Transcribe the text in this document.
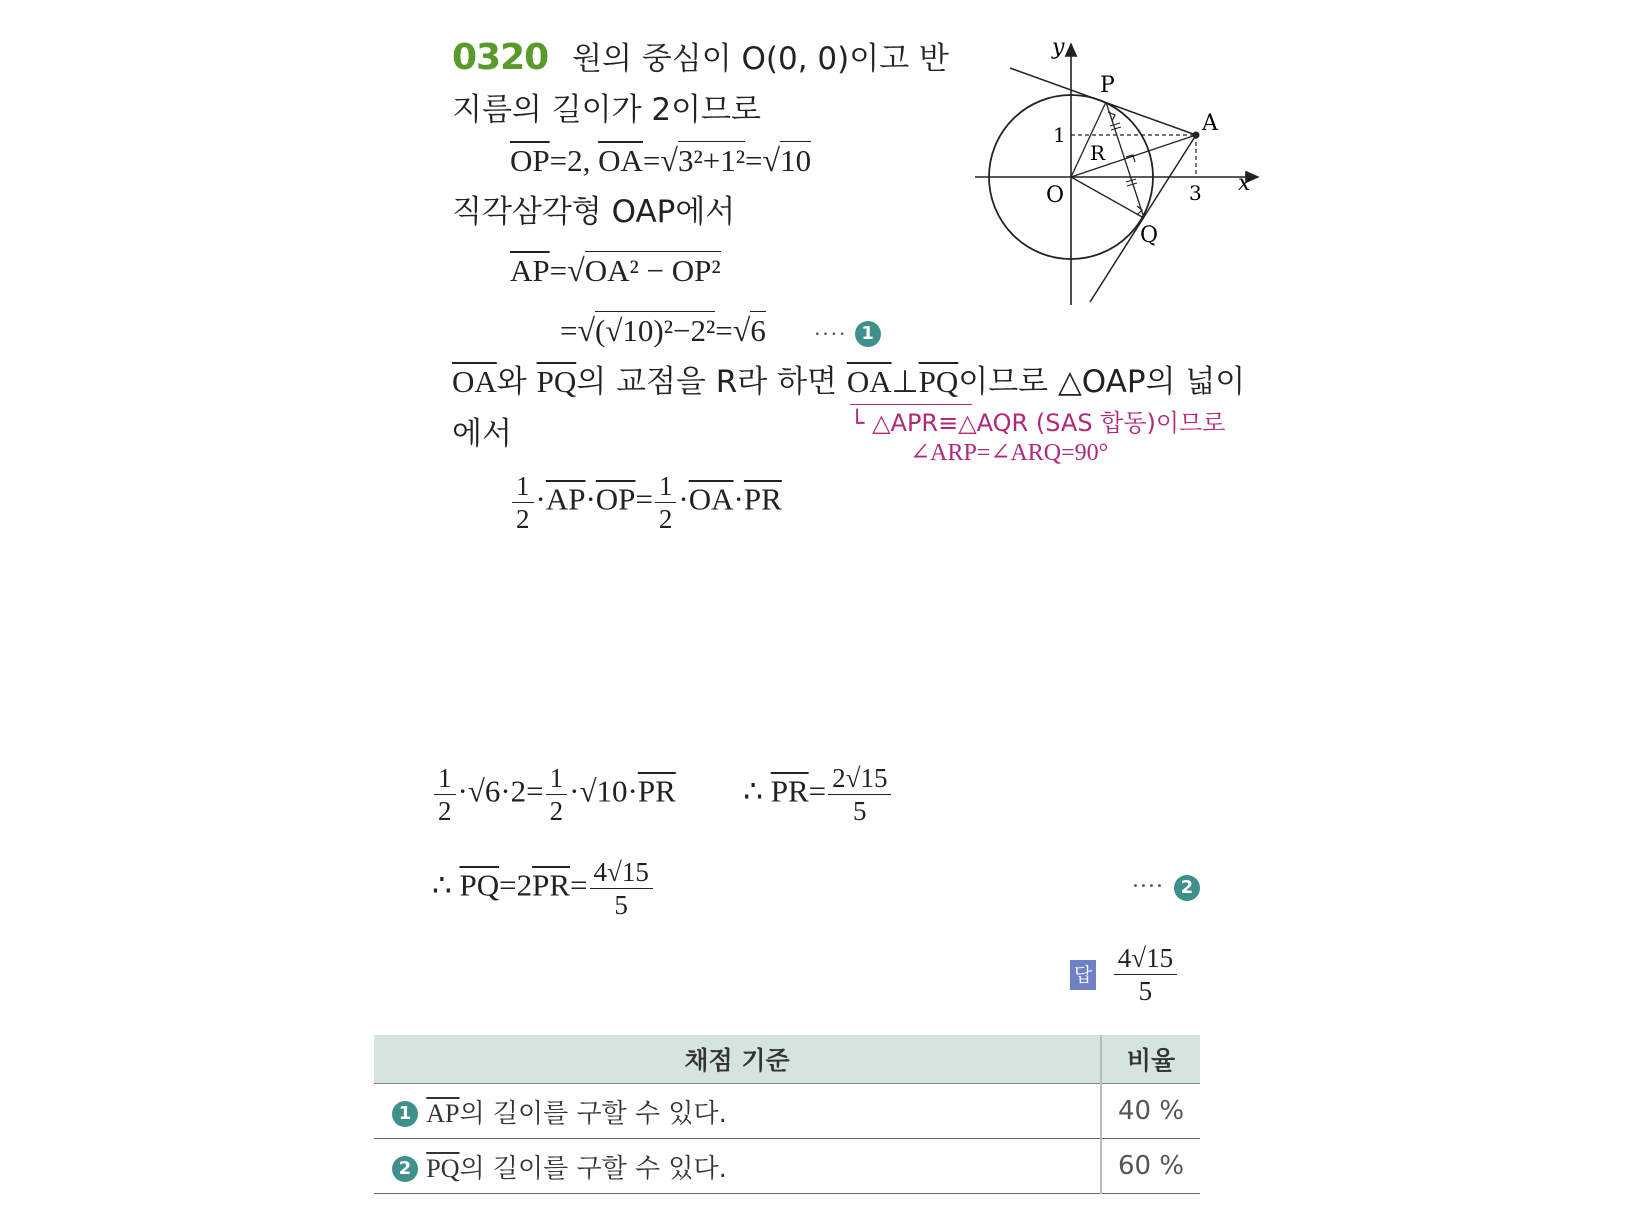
0320 원의 중심이 O(0, 0)이고 반
지름의 길이가 2이므로
$\overline{OP}=2$, $\overline{OA}=√3^2+1^2=√10$
직각삼각형 OAP에서
$\overline{AP}=√OA^2 - OP^2$
=√(√10)²−2²=√6 ···· 1
$\overline{OA}$와 $\overline{PQ}$의 교점을 R라 하면 $\overline{OA}\perp\overline{PQ}$이므로 △OAP의 넓이
에서	└ △APR≡△AQR (SAS 합동)이므로
∠ARP=∠ARQ=90°
$\frac{1}{2} \cdot\overline{AP}\cdot\overline{OP}= \frac{1}{2} \cdot\overline{OA}\cdot\overline{PR}$
y
x
O
P
Q
A
R
1
3
$\frac{1}{2} \cdot√6\cdot 2= \frac{1}{2} \cdot√10\cdot\overline{PR}$ ∴ $\overline{PR}= \frac{2√15}{5}$
∴ $\overline{PQ}=2\overline{PR}= \frac{4√15}{5}$	···· 2
답 $\frac{4√15}{5}$
채점 기준	비율
1 $\overline{AP}$의 길이를 구할 수 있다.	40 %
2 $\overline{PQ}$의 길이를 구할 수 있다.	60 %
